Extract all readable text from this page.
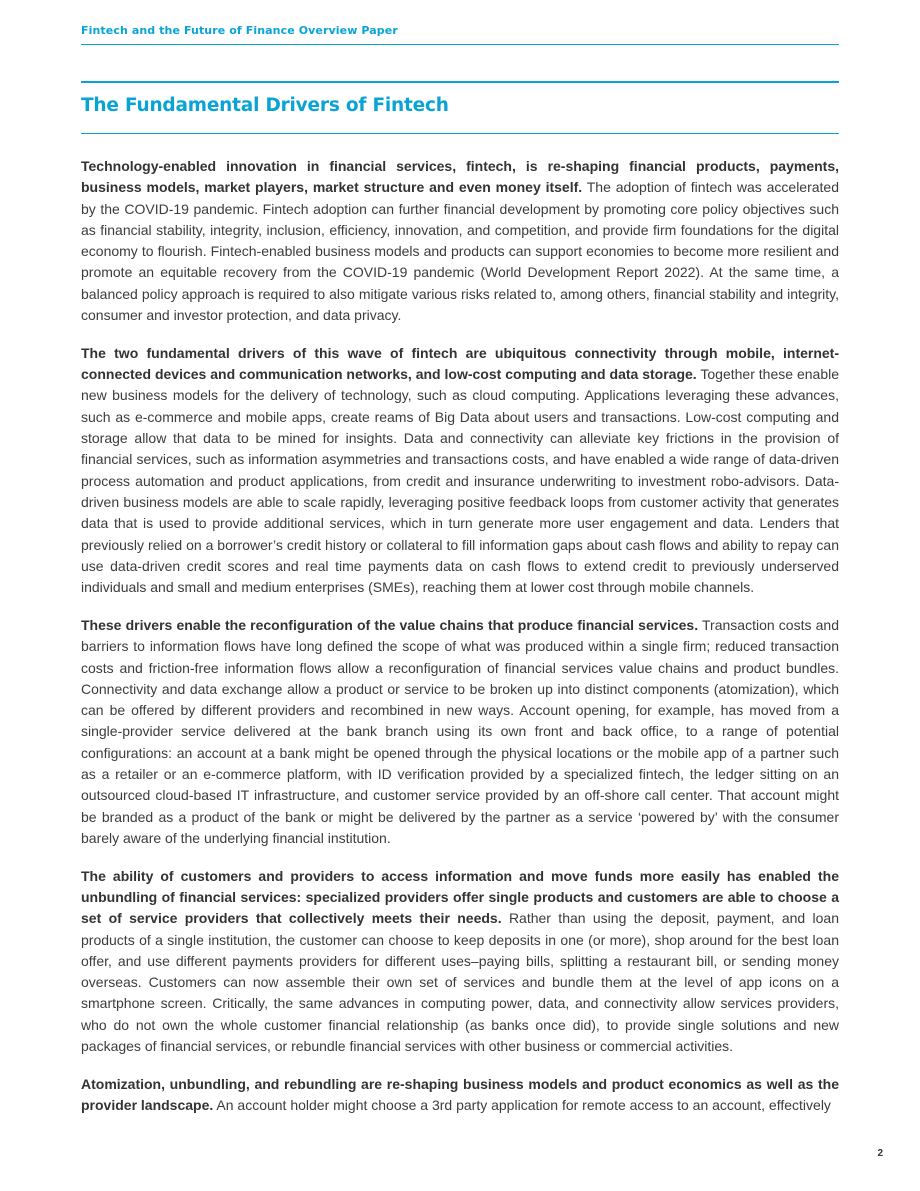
Fintech and the Future of Finance Overview Paper
The Fundamental Drivers of Fintech

Technology-enabled innovation in financial services, fintech, is re-shaping financial products, payments, business models, market players, market structure and even money itself. The adoption of fintech was accelerated by the COVID-19 pandemic. Fintech adoption can further financial development by promoting core policy objectives such as financial stability, integrity, inclusion, efficiency, innovation, and competition, and provide firm foundations for the digital economy to flourish. Fintech-enabled business models and products can support economies to become more resilient and promote an equitable recovery from the COVID-19 pandemic (World Development Report 2022). At the same time, a balanced policy approach is required to also mitigate various risks related to, among others, financial stability and integrity, consumer and investor protection, and data privacy.

The two fundamental drivers of this wave of fintech are ubiquitous connectivity through mobile, internet-connected devices and communication networks, and low-cost computing and data storage. Together these enable new business models for the delivery of technology, such as cloud computing. Applications leveraging these advances, such as e-commerce and mobile apps, create reams of Big Data about users and transactions. Low-cost computing and storage allow that data to be mined for insights. Data and connectivity can alleviate key frictions in the provision of financial services, such as information asymmetries and transactions costs, and have enabled a wide range of data-driven process automation and product applications, from credit and insurance underwriting to investment robo-advisors. Data-driven business models are able to scale rapidly, leveraging positive feedback loops from customer activity that generates data that is used to provide additional services, which in turn generate more user engagement and data. Lenders that previously relied on a borrower’s credit history or collateral to fill information gaps about cash flows and ability to repay can use data-driven credit scores and real time payments data on cash flows to extend credit to previously underserved individuals and small and medium enterprises (SMEs), reaching them at lower cost through mobile channels.

These drivers enable the reconfiguration of the value chains that produce financial services. Transaction costs and barriers to information flows have long defined the scope of what was produced within a single firm; reduced transaction costs and friction-free information flows allow a reconfiguration of financial services value chains and product bundles. Connectivity and data exchange allow a product or service to be broken up into distinct components (atomization), which can be offered by different providers and recombined in new ways. Account opening, for example, has moved from a single-provider service delivered at the bank branch using its own front and back office, to a range of potential configurations: an account at a bank might be opened through the physical locations or the mobile app of a partner such as a retailer or an e-commerce platform, with ID verification provided by a specialized fintech, the ledger sitting on an outsourced cloud-based IT infrastructure, and customer service provided by an off-shore call center. That account might be branded as a product of the bank or might be delivered by the partner as a service ‘powered by’ with the consumer barely aware of the underlying financial institution.

The ability of customers and providers to access information and move funds more easily has enabled the unbundling of financial services: specialized providers offer single products and customers are able to choose a set of service providers that collectively meets their needs. Rather than using the deposit, payment, and loan products of a single institution, the customer can choose to keep deposits in one (or more), shop around for the best loan offer, and use different payments providers for different uses–paying bills, splitting a restaurant bill, or sending money overseas. Customers can now assemble their own set of services and bundle them at the level of app icons on a smartphone screen. Critically, the same advances in computing power, data, and connectivity allow services providers, who do not own the whole customer financial relationship (as banks once did), to provide single solutions and new packages of financial services, or rebundle financial services with other business or commercial activities.

Atomization, unbundling, and rebundling are re-shaping business models and product economics as well as the provider landscape. An account holder might choose a 3rd party application for remote access to an account, effectively

2
